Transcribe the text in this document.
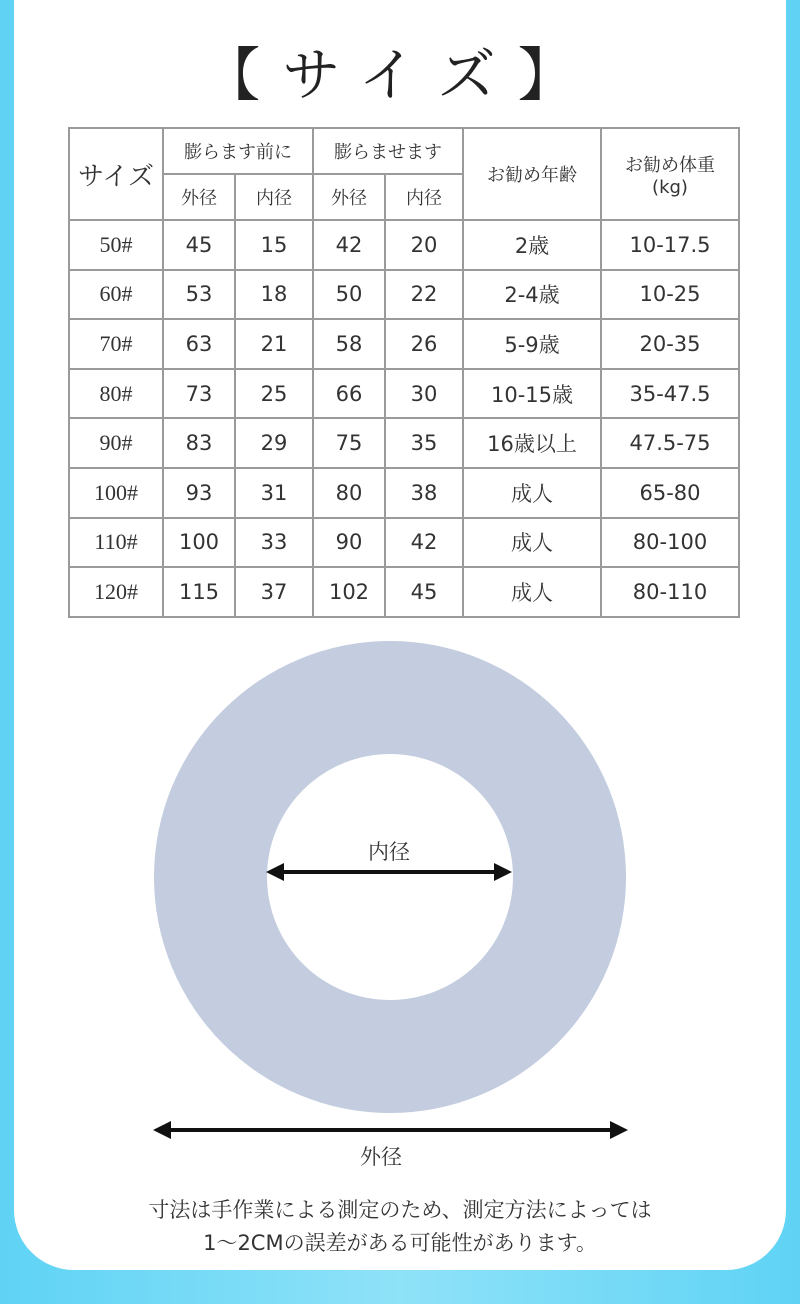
【サイズ】
サイズ	膨らます前に		膨らませます		お勧め年齢	お勧め体重
(kg)

	外径	内径	外径	内径		
50#	45	15	42	20	2歳	10-17.5
60#	53	18	50	22	2-4歳	10-25
70#	63	21	58	26	5-9歳	20-35
80#	73	25	66	30	10-15歳	35-47.5
90#	83	29	75	35	16歳以上	47.5-75
100#	93	31	80	38	成人	65-80
110#	100	33	90	42	成人	80-100
120#	115	37	102	45	成人	80-110
内径
外径
寸法は手作業による測定のため、測定方法によっては
1〜2CMの誤差がある可能性があります。
